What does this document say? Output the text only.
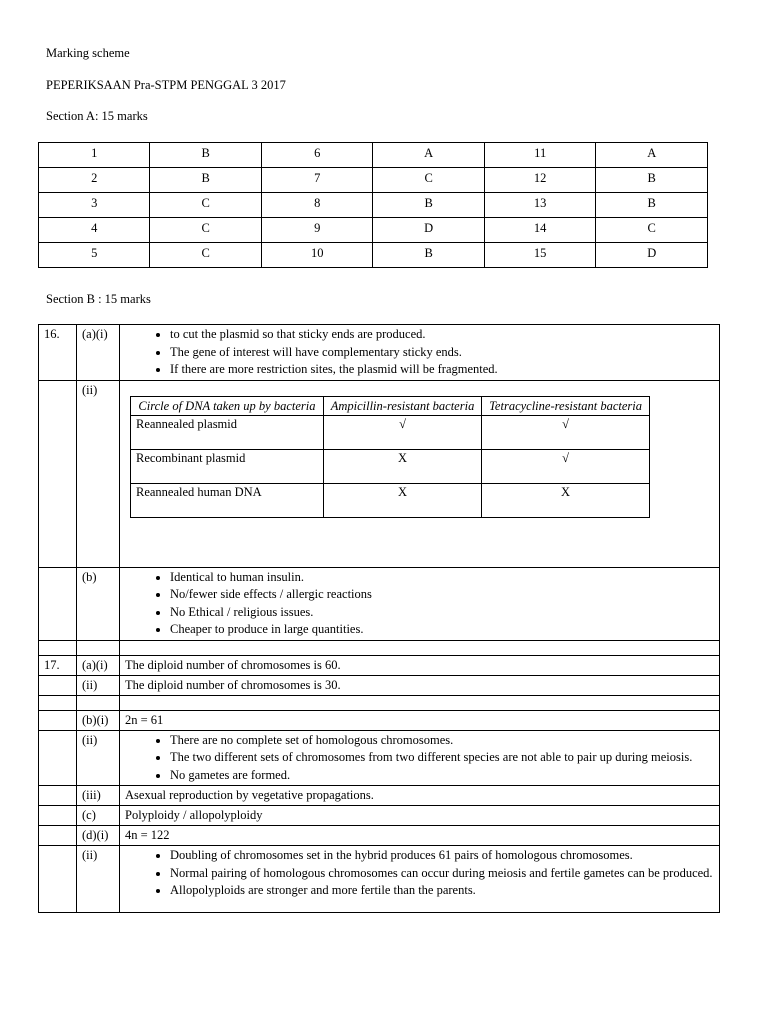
Marking scheme
PEPERIKSAAN Pra-STPM PENGGAL 3 2017
Section A: 15 marks
1	B	6	A	11	A
2	B	7	C	12	B
3	C	8	B	13	B
4	C	9	D	14	C
5	C	10	B	15	D
Section B : 15 marks
16.	(a)(i)	
•to cut the plasmid so that sticky ends are produced.
• The gene of interest will have complementary sticky ends.
• If there are more restriction sites, the plasmid will be fragmented.

	(ii)	
Circle of DNA taken up by bacteria	Ampicillin-resistant bacteria	Tetracycline-resistant bacteria
Reannealed plasmid	√	√
Recombinant plasmid	X	√
Reannealed human DNA	X	X

	(b)	
•Identical to human insulin.
• No/fewer side effects / allergic reactions
• No Ethical / religious issues.
• Cheaper to produce in large quantities.

17.	(a)(i)	The diploid number of chromosomes is 60.
	(ii)	The diploid number of chromosomes is 30.

	(b)(i)	2n = 61
	(ii)	
•There are no complete set of homologous chromosomes.
• The two different sets of chromosomes from two different species are not able to pair up during meiosis.
• No gametes are formed.

	(iii)	Asexual reproduction by vegetative propagations.
	(c)	Polyploidy / allopolyploidy
	(d)(i)	4n = 122
	(ii)	
•Doubling of chromosomes set in the hybrid produces 61 pairs of homologous chromosomes.
• Normal pairing of homologous chromosomes can occur during meiosis and fertile gametes can be produced.
• Allopolyploids are stronger and more fertile than the parents.
